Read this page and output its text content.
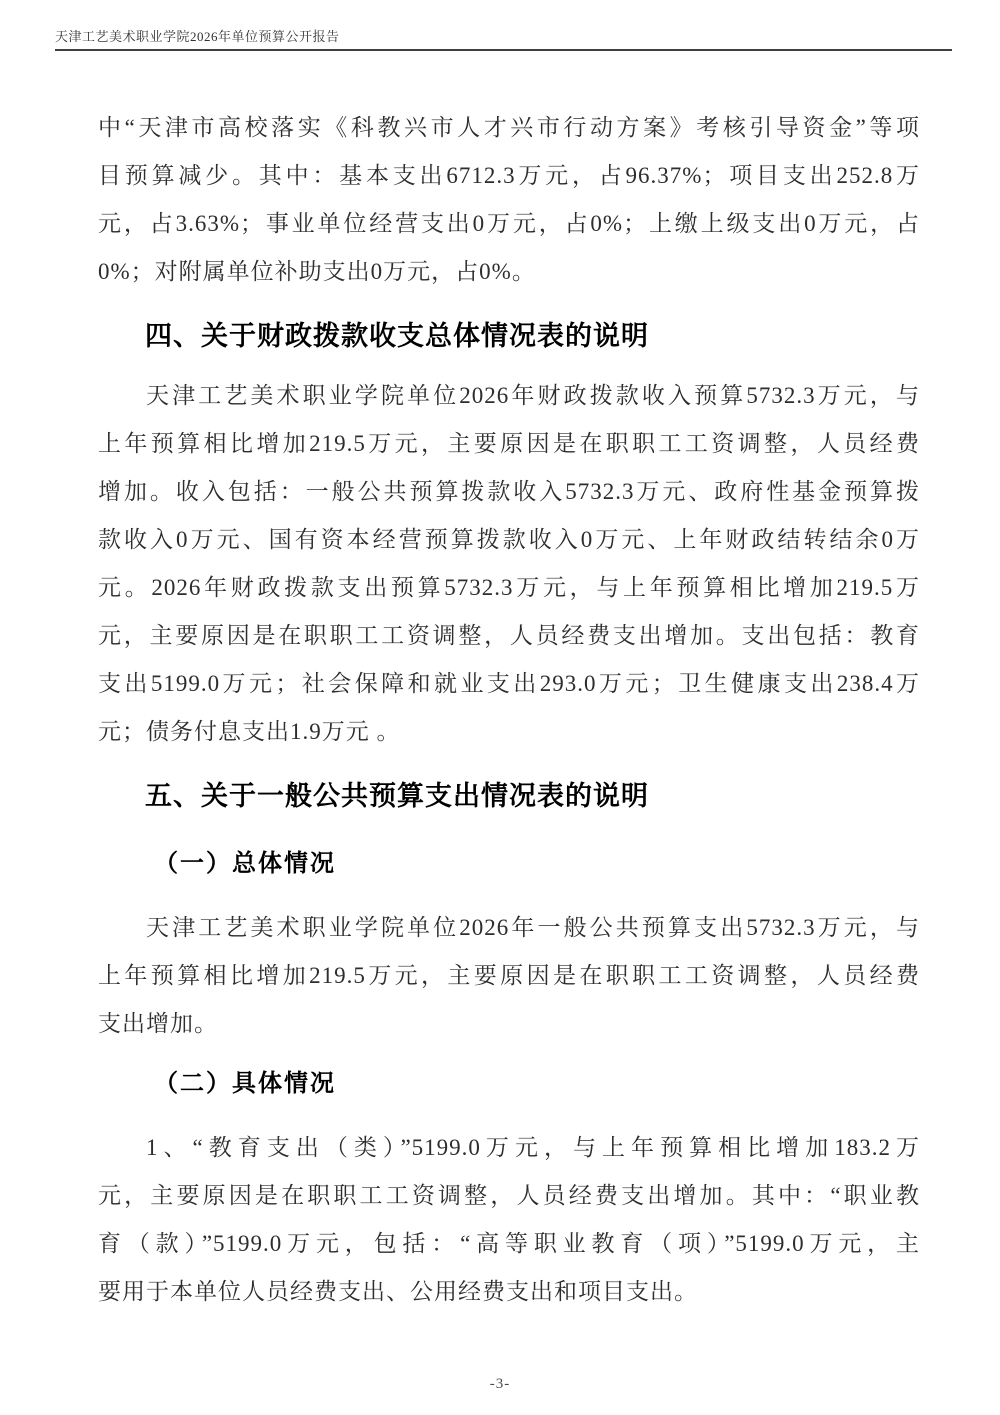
天津工艺美术职业学院2026年单位预算公开报告
中“天津市高校落实《科教兴市人才兴市行动方案》考核引导资金”等项
目预算减少。其中：基本支出6712.3万元，占96.37%；项目支出252.8万
元，占3.63%；事业单位经营支出0万元，占0%；上缴上级支出0万元，占
0%；对附属单位补助支出0万元，占0%。
四、关于财政拨款收支总体情况表的说明
天津工艺美术职业学院单位2026年财政拨款收入预算5732.3万元，与
上年预算相比增加219.5万元，主要原因是在职职工工资调整，人员经费
增加。收入包括：一般公共预算拨款收入5732.3万元、政府性基金预算拨
款收入0万元、国有资本经营预算拨款收入0万元、上年财政结转结余0万
元。2026年财政拨款支出预算5732.3万元，与上年预算相比增加219.5万
元，主要原因是在职职工工资调整，人员经费支出增加。支出包括：教育
支出5199.0万元；社会保障和就业支出293.0万元；卫生健康支出238.4万
元；债务付息支出1.9万元 。
五、关于一般公共预算支出情况表的说明
（一）总体情况
天津工艺美术职业学院单位2026年一般公共预算支出5732.3万元，与
上年预算相比增加219.5万元，主要原因是在职职工工资调整，人员经费
支出增加。
（二）具体情况
1、“教育支出（类）”5199.0万元，与上年预算相比增加183.2万
元，主要原因是在职职工工资调整，人员经费支出增加。其中：“职业教
育（款）”5199.0万元，包括：“高等职业教育（项）”5199.0万元，主
要用于本单位人员经费支出、公用经费支出和项目支出。
-3-
